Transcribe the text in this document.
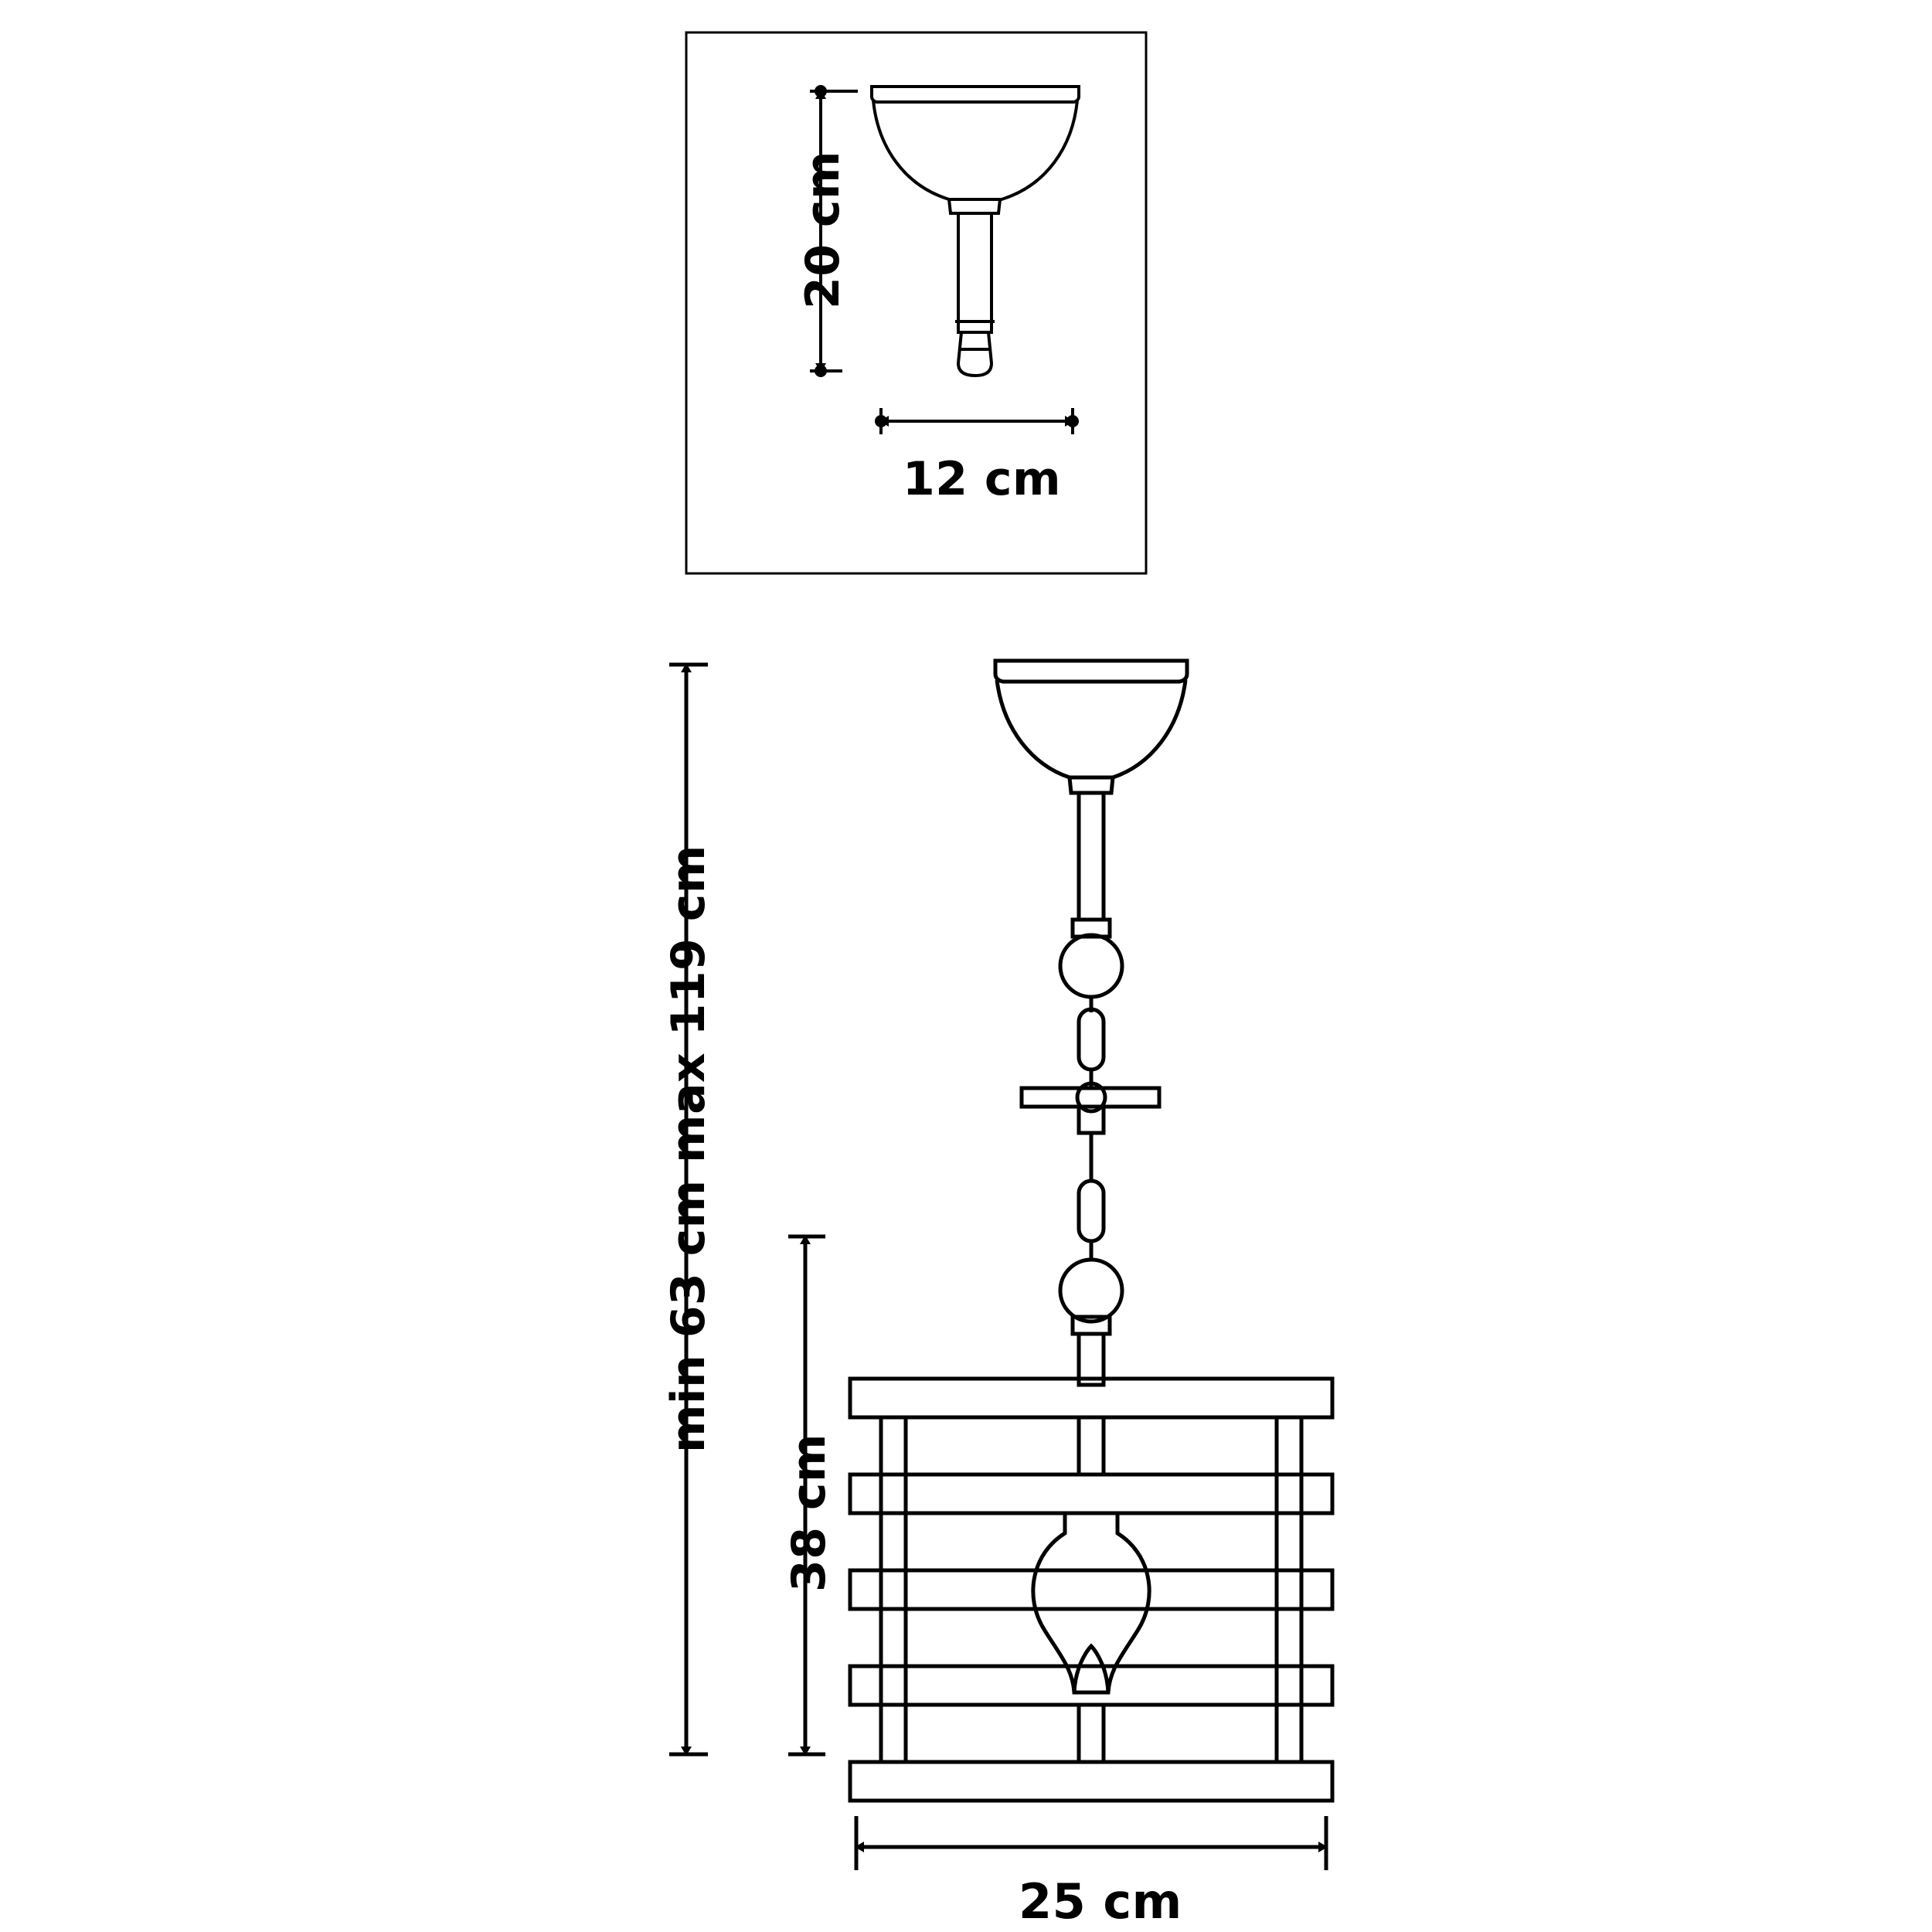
20 cm
12 cm
min 63 cm max 119 cm
38 cm
25 cm
